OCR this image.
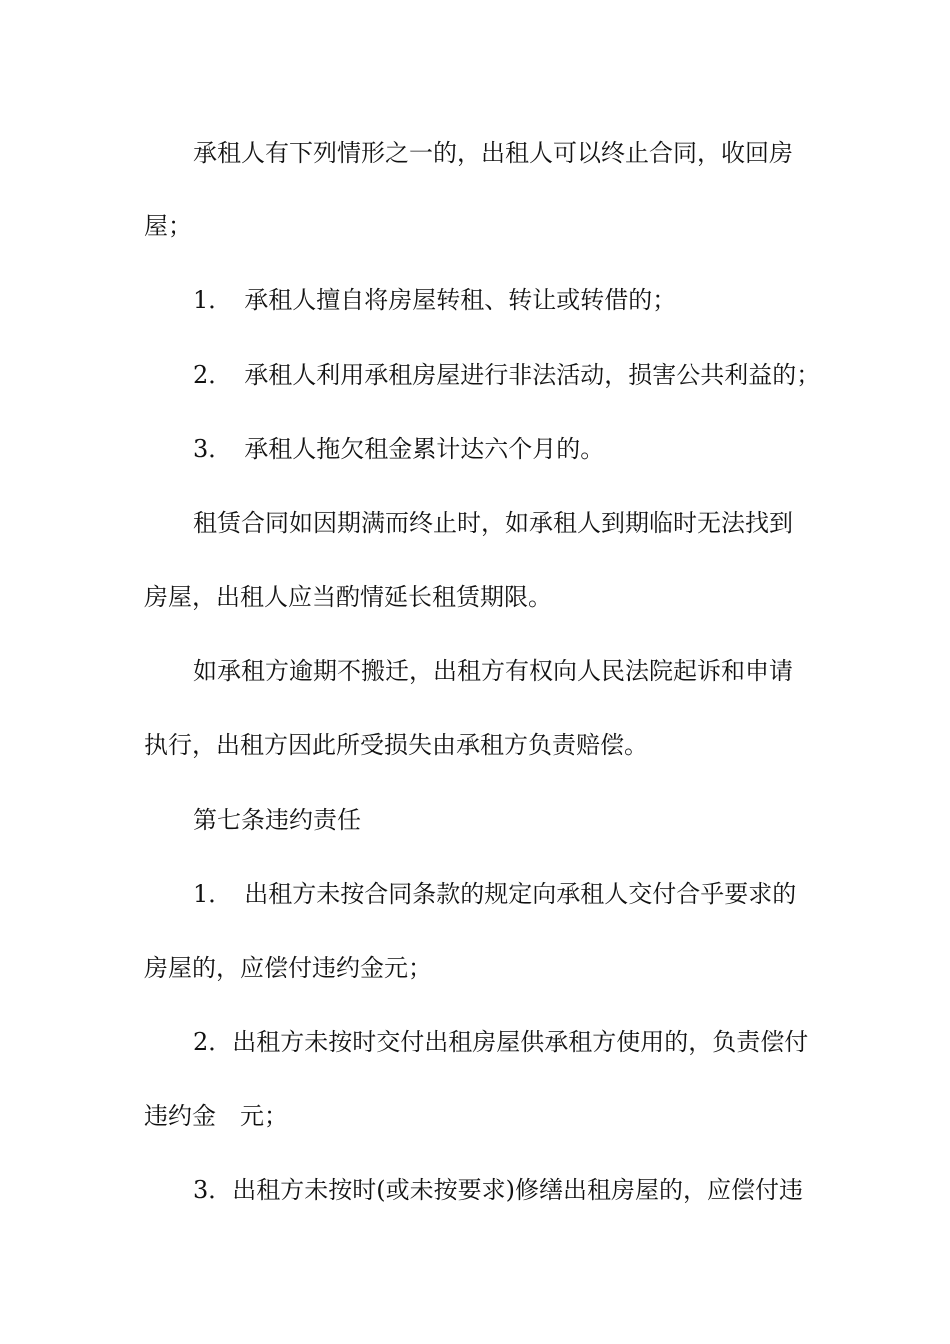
承租人有下列情形之一的，出租人可以终止合同，收回房
屋；
1．　承租人擅自将房屋转租、转让或转借的；
2．　承租人利用承租房屋进行非法活动，损害公共利益的；
3．　承租人拖欠租金累计达六个月的。
租赁合同如因期满而终止时，如承租人到期临时无法找到
房屋，出租人应当酌情延长租赁期限。
如承租方逾期不搬迁，出租方有权向人民法院起诉和申请
执行，出租方因此所受损失由承租方负责赔偿。
第七条违约责任
1．　出租方未按合同条款的规定向承租人交付合乎要求的
房屋的，应偿付违约金元；
2．出租方未按时交付出租房屋供承租方使用的，负责偿付
违约金　元；
3．出租方未按时(或未按要求)修缮出租房屋的，应偿付违
